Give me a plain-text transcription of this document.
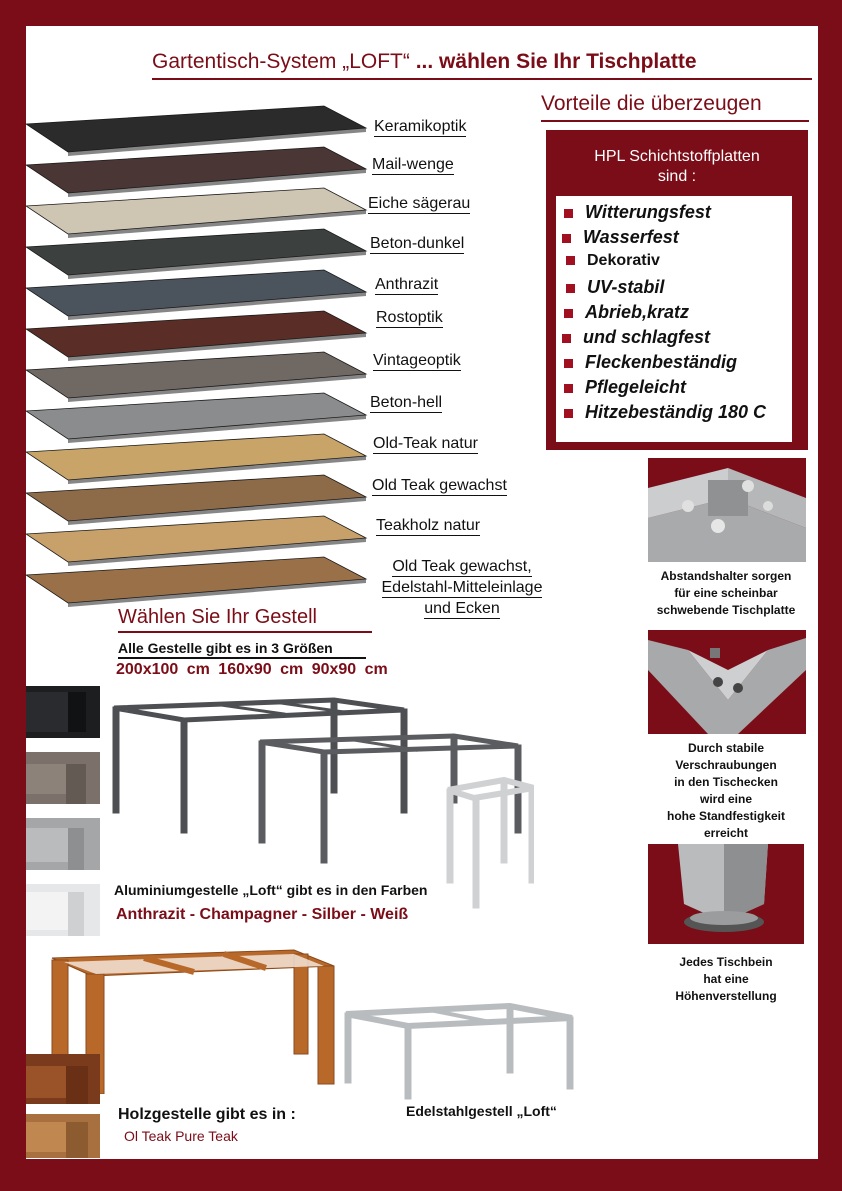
Gartentisch-System „LOFT“ ... wählen Sie Ihr Tischplatte
Vorteile die überzeugen
HPL Schichtstoffplatten
sind :
Witterungsfest
Wasserfest
Dekorativ
UV-stabil
Abrieb,kratz
und schlagfest
Fleckenbeständig
Pflegeleicht
Hitzebeständig 180 C
Keramikoptik
Mail-wenge
Eiche sägerau
Beton-dunkel
Anthrazit
Rostoptik
Vintageoptik
Beton-hell
Old-Teak natur
Old Teak gewachst
Teakholz natur
Old Teak gewachst,
Edelstahl-Mitteleinlage
und Ecken
Wählen Sie Ihr Gestell
Alle Gestelle gibt es in 3 Größen
200x100 cm 160x90 cm 90x90 cm
Aluminiumgestelle „Loft“ gibt es in den Farben
Anthrazit - Champagner - Silber - Weiß
Holzgestelle gibt es in :
Ol Teak Pure Teak
Edelstahlgestell „Loft“
Abstandshalter sorgen
für eine scheinbar
schwebende Tischplatte
Durch stabile
Verschraubungen
in den Tischecken
wird eine
hohe Standfestigkeit
erreicht
Jedes Tischbein
hat eine
Höhenverstellung
